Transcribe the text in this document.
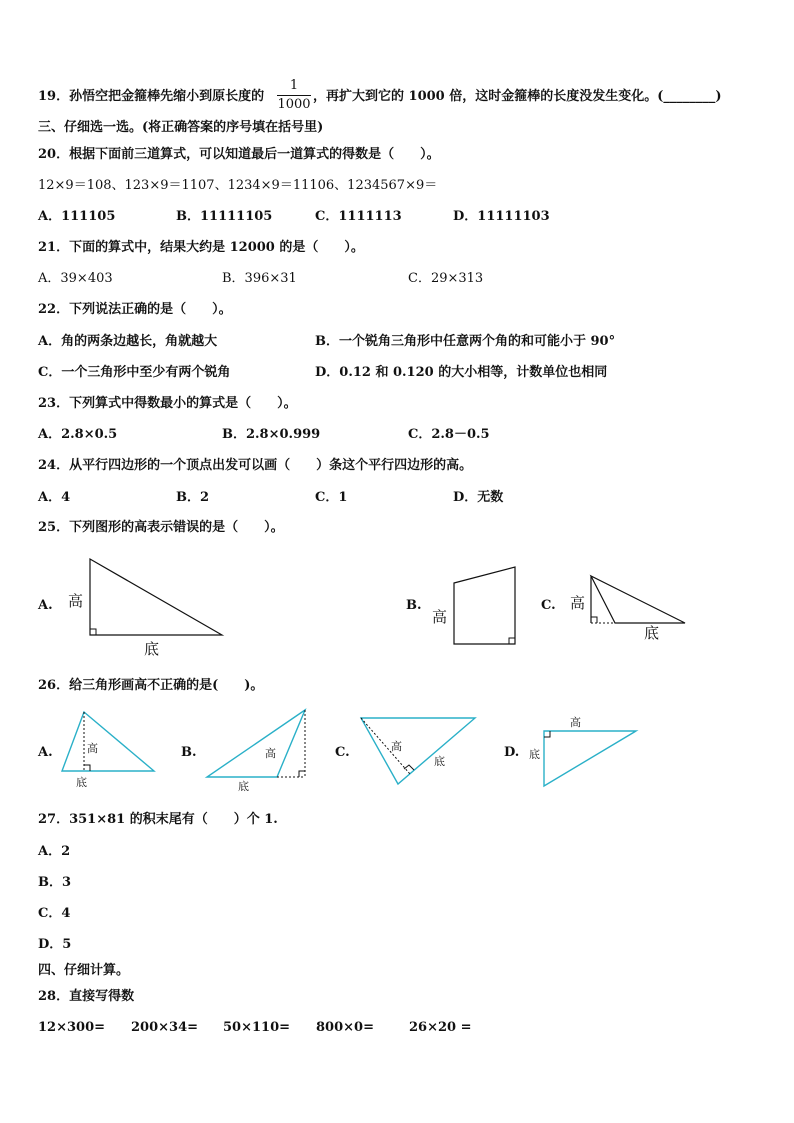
19．孙悟空把金箍棒先缩小到原长度的
1
1000
，再扩大到它的 1000 倍，这时金箍棒的长度没发生变化。(________)
三、仔细选一选。(将正确答案的序号填在括号里)
20．根据下面前三道算式，可以知道最后一道算式的得数是（　　）。
12×9＝108、123×9＝1107、1234×9＝11106、1234567×9＝
A．111105	B．11111105	C．1111113	D．11111103
21．下面的算式中，结果大约是 12000 的是（　　）。
A．39×403	B．396×31	C．29×313
22．下列说法正确的是（　　）。
A．角的两条边越长，角就越大	B．一个锐角三角形中任意两个角的和可能小于 90°
C．一个三角形中至少有两个锐角	D．0.12 和 0.120 的大小相等，计数单位也相同
23．下列算式中得数最小的算式是（　　）。
A．2.8×0.5	B．2.8×0.999	C．2.8－0.5
24．从平行四边形的一个顶点出发可以画（　　）条这个平行四边形的高。
A．4	B．2	C．1	D．无数
25．下列图形的高表示错误的是（　　）。
A. 高
底
B.
高
C. 高
底
26．给三角形画高不正确的是(　　)。
A.	高
底
B.	高
底
C.	高
底
D.
高
底
27．351×81 的积末尾有（　　）个 1.
A．2
B．3
C．4
D．5
四、仔细计算。
28．直接写得数
12×300= 200×34= 50×110= 800×0=	26×20 =
